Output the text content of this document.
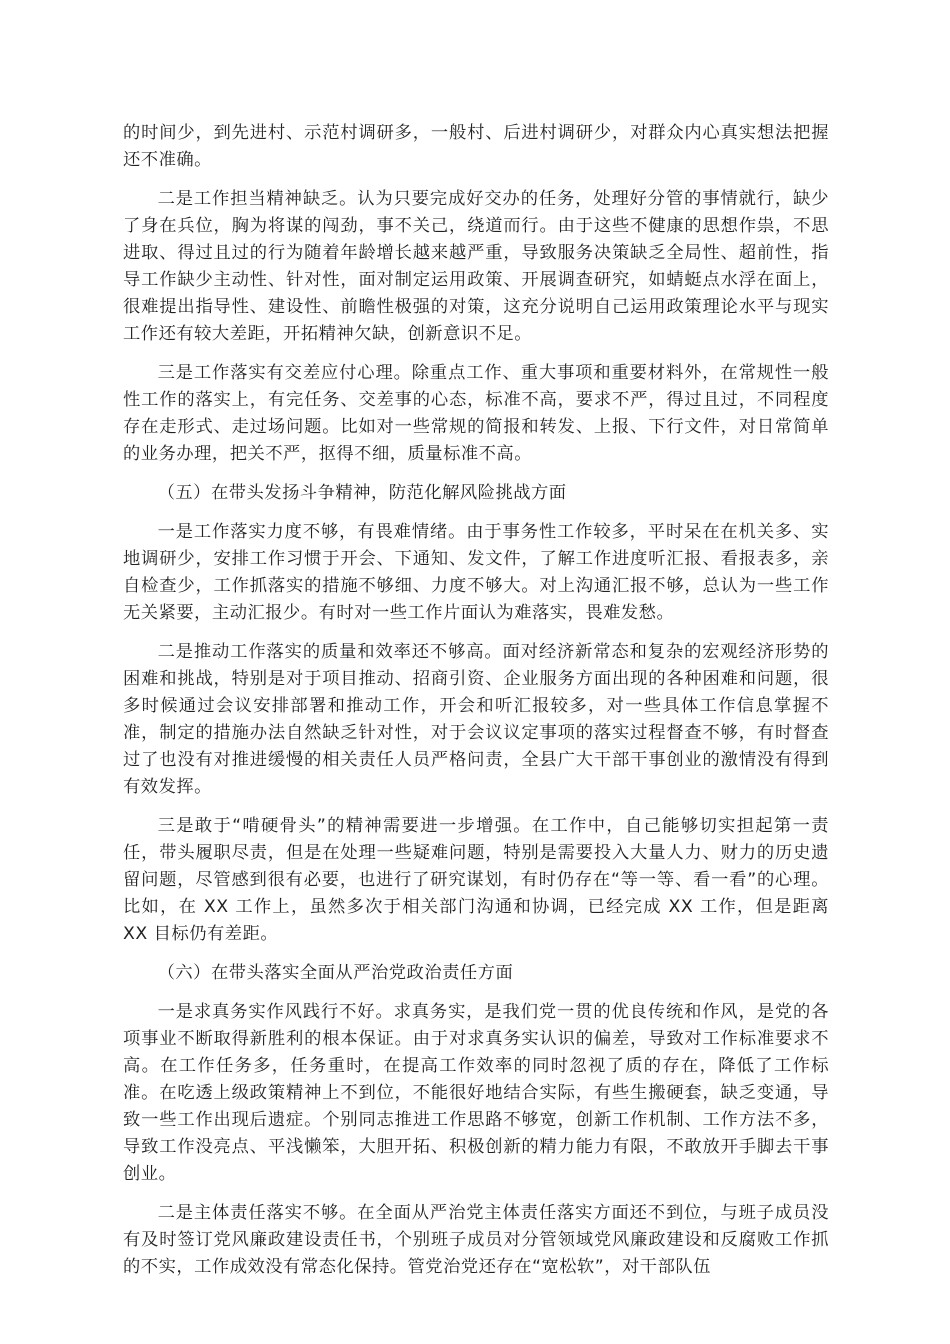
的时间少，到先进村、示范村调研多，一般村、后进村调研少，对群众内心真实想法把握还不准确。

二是工作担当精神缺乏。认为只要完成好交办的任务，处理好分管的事情就行，缺少了身在兵位，胸为将谋的闯劲，事不关己，绕道而行。由于这些不健康的思想作祟，不思进取、得过且过的行为随着年龄增长越来越严重，导致服务决策缺乏全局性、超前性，指导工作缺少主动性、针对性，面对制定运用政策、开展调查研究，如蜻蜓点水浮在面上，很难提出指导性、建设性、前瞻性极强的对策，这充分说明自己运用政策理论水平与现实工作还有较大差距，开拓精神欠缺，创新意识不足。

三是工作落实有交差应付心理。除重点工作、重大事项和重要材料外，在常规性一般性工作的落实上，有完任务、交差事的心态，标准不高，要求不严，得过且过，不同程度存在走形式、走过场问题。比如对一些常规的简报和转发、上报、下行文件，对日常简单的业务办理，把关不严，抠得不细，质量标准不高。

（五）在带头发扬斗争精神，防范化解风险挑战方面

一是工作落实力度不够，有畏难情绪。由于事务性工作较多，平时呆在在机关多、实地调研少，安排工作习惯于开会、下通知、发文件，了解工作进度听汇报、看报表多，亲自检查少，工作抓落实的措施不够细、力度不够大。对上沟通汇报不够，总认为一些工作无关紧要，主动汇报少。有时对一些工作片面认为难落实，畏难发愁。

二是推动工作落实的质量和效率还不够高。面对经济新常态和复杂的宏观经济形势的困难和挑战，特别是对于项目推动、招商引资、企业服务方面出现的各种困难和问题，很多时候通过会议安排部署和推动工作，开会和听汇报较多，对一些具体工作信息掌握不准，制定的措施办法自然缺乏针对性，对于会议议定事项的落实过程督查不够，有时督查过了也没有对推进缓慢的相关责任人员严格问责，全县广大干部干事创业的激情没有得到有效发挥。

三是敢于“啃硬骨头”的精神需要进一步增强。在工作中，自己能够切实担起第一责任，带头履职尽责，但是在处理一些疑难问题，特别是需要投入大量人力、财力的历史遗留问题，尽管感到很有必要，也进行了研究谋划，有时仍存在“等一等、看一看”的心理。比如，在 XX 工作上，虽然多次于相关部门沟通和协调，已经完成 XX 工作，但是距离 XX 目标仍有差距。

（六）在带头落实全面从严治党政治责任方面

一是求真务实作风践行不好。求真务实，是我们党一贯的优良传统和作风，是党的各项事业不断取得新胜利的根本保证。由于对求真务实认识的偏差，导致对工作标准要求不高。在工作任务多，任务重时，在提高工作效率的同时忽视了质的存在，降低了工作标准。在吃透上级政策精神上不到位，不能很好地结合实际，有些生搬硬套，缺乏变通，导致一些工作出现后遗症。个别同志推进工作思路不够宽，创新工作机制、工作方法不多，导致工作没亮点、平浅懒笨，大胆开拓、积极创新的精力能力有限，不敢放开手脚去干事创业。

二是主体责任落实不够。在全面从严治党主体责任落实方面还不到位，与班子成员没有及时签订党风廉政建设责任书，个别班子成员对分管领域党风廉政建设和反腐败工作抓的不实，工作成效没有常态化保持。管党治党还存在“宽松软”，对干部队伍
